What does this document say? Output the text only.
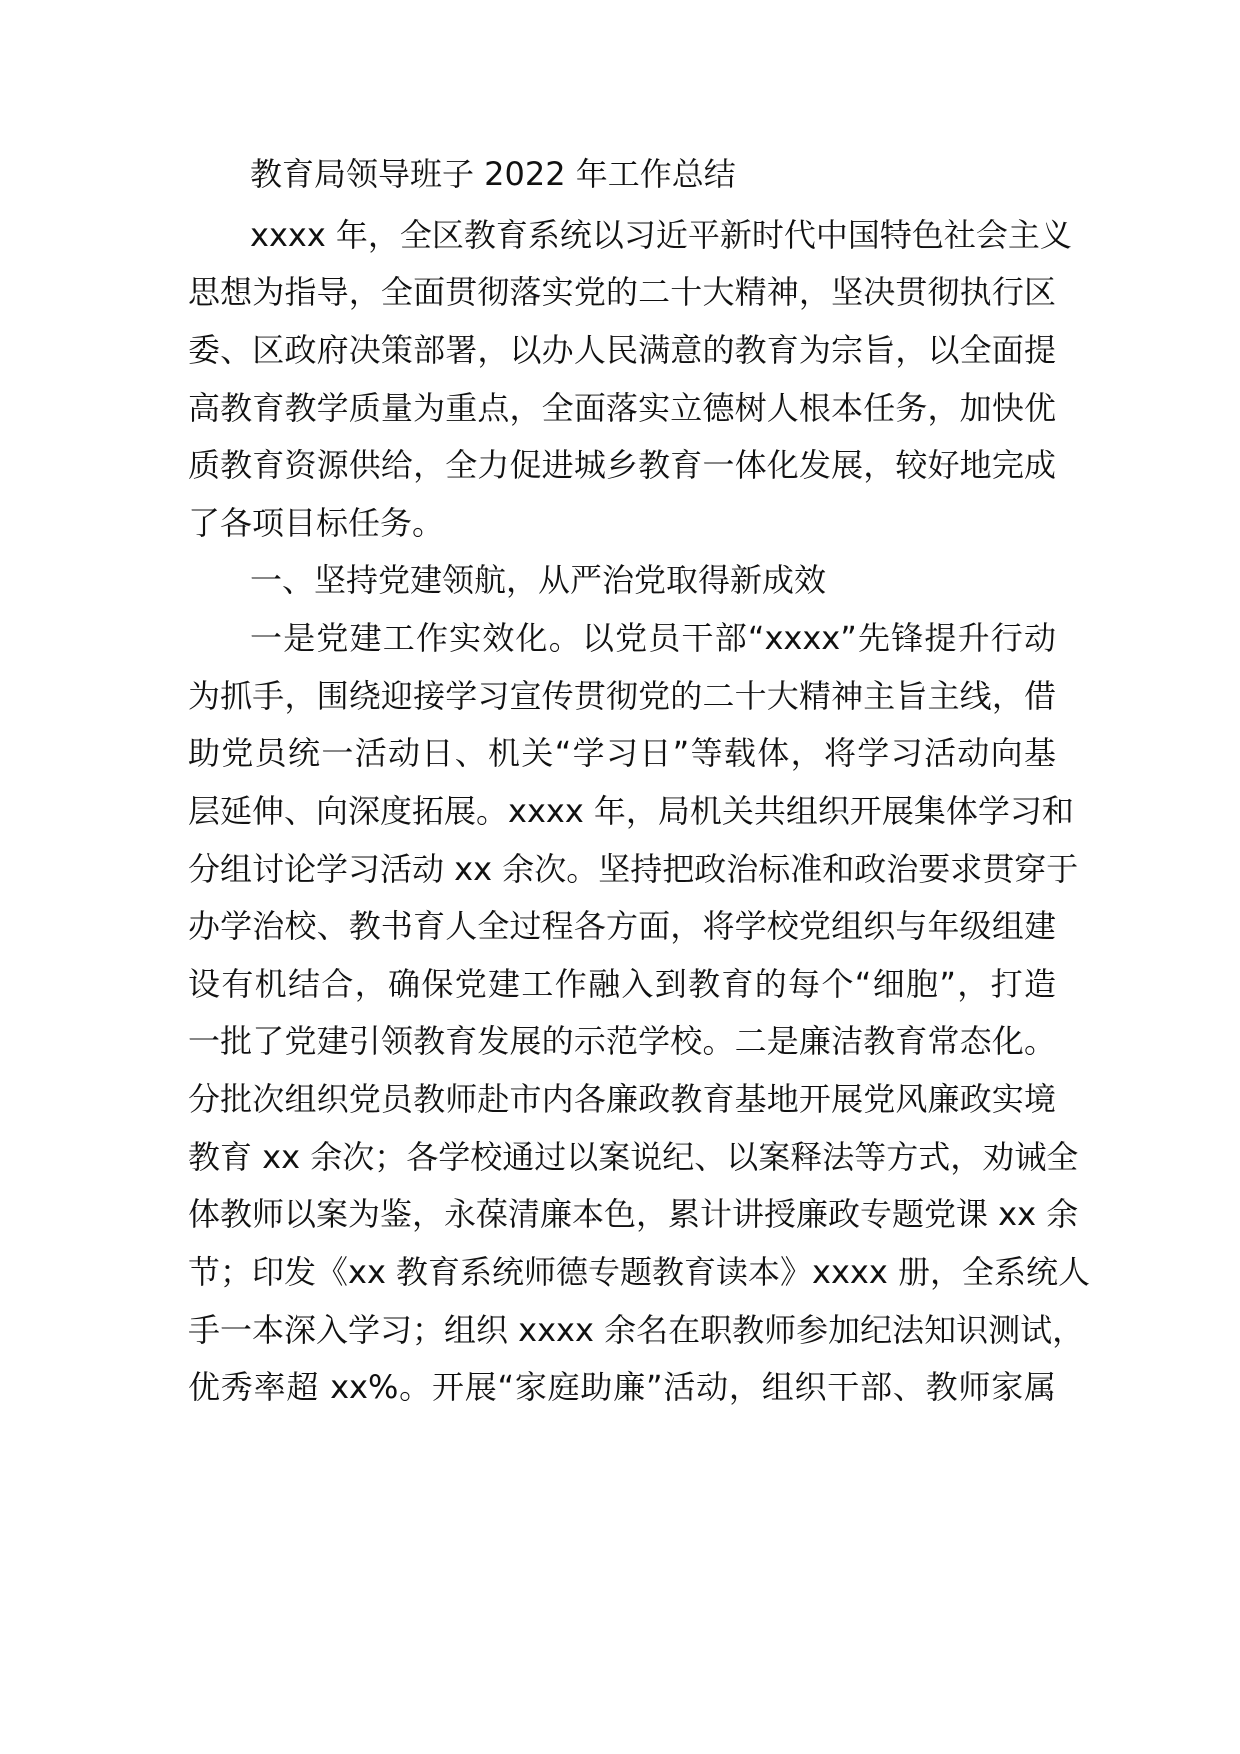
教育局领导班子 2022 年工作总结

xxxx 年，全区教育系统以习近平新时代中国特色社会主义

思想为指导，全面贯彻落实党的二十大精神，坚决贯彻执行区

委、区政府决策部署，以办人民满意的教育为宗旨，以全面提

高教育教学质量为重点，全面落实立德树人根本任务，加快优

质教育资源供给，全力促进城乡教育一体化发展，较好地完成

了各项目标任务。

一、坚持党建领航，从严治党取得新成效

一是党建工作实效化。以党员干部“xxxx”先锋提升行动

为抓手，围绕迎接学习宣传贯彻党的二十大精神主旨主线，借

助党员统一活动日、机关“学习日”等载体，将学习活动向基

层延伸、向深度拓展。xxxx 年，局机关共组织开展集体学习和

分组讨论学习活动 xx 余次。坚持把政治标准和政治要求贯穿于

办学治校、教书育人全过程各方面，将学校党组织与年级组建

设有机结合，确保党建工作融入到教育的每个“细胞”，打造

一批了党建引领教育发展的示范学校。二是廉洁教育常态化。

分批次组织党员教师赴市内各廉政教育基地开展党风廉政实境

教育 xx 余次；各学校通过以案说纪、以案释法等方式，劝诫全

体教师以案为鉴，永葆清廉本色，累计讲授廉政专题党课 xx 余

节；印发《xx 教育系统师德专题教育读本》xxxx 册，全系统人

手一本深入学习；组织 xxxx 余名在职教师参加纪法知识测试，

优秀率超 xx%。开展“家庭助廉”活动，组织干部、教师家属
